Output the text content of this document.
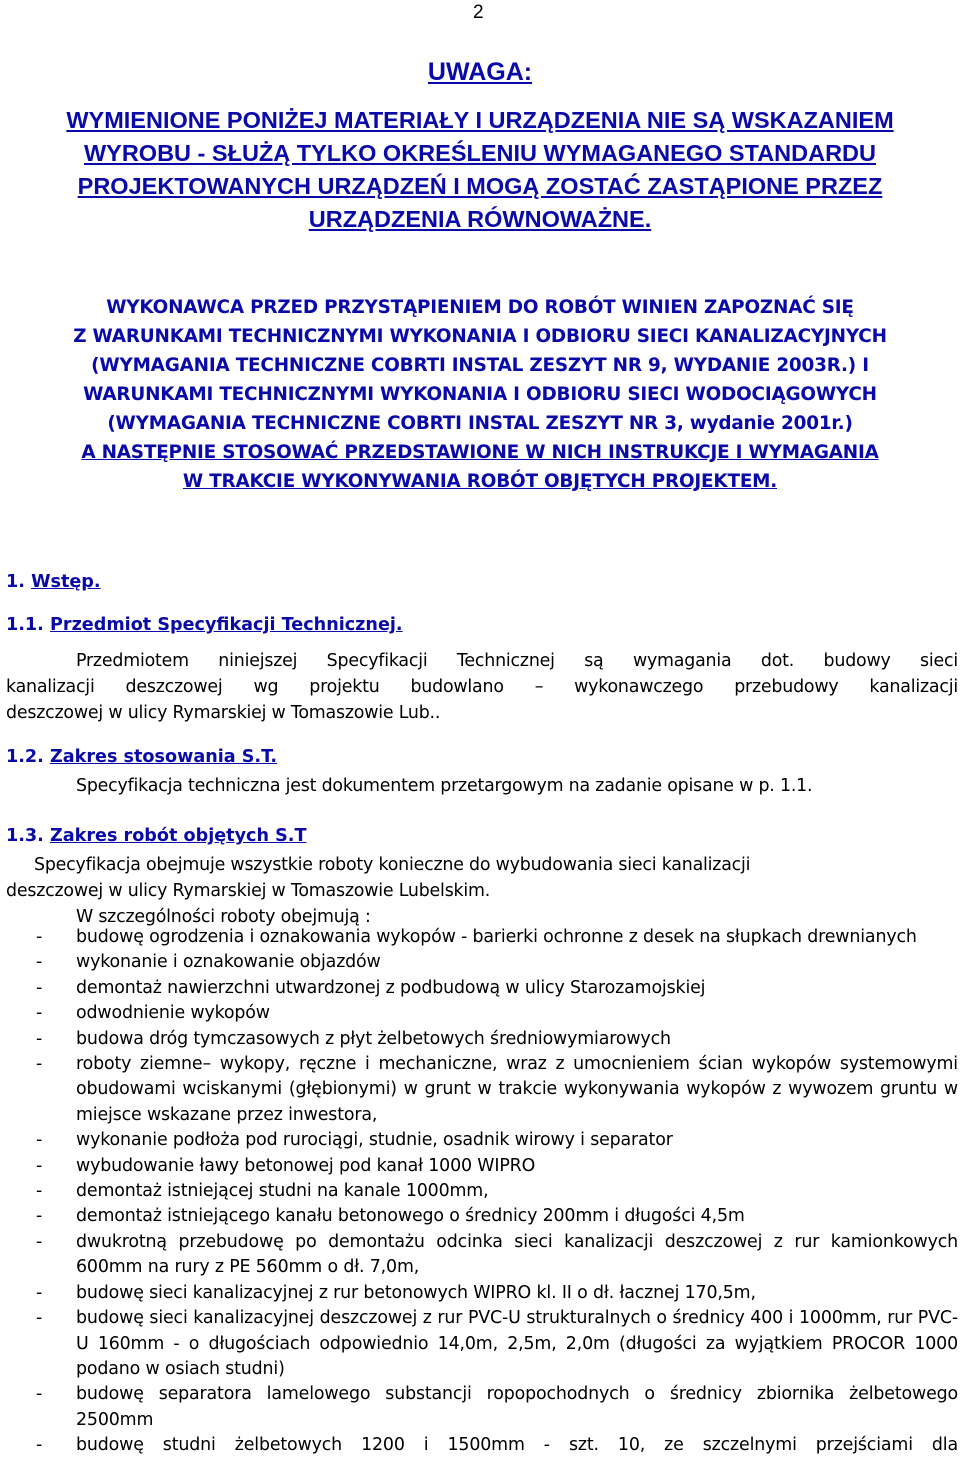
2
UWAGA:
WYMIENIONE PONIŻEJ MATERIAŁY I URZĄDZENIA NIE SĄ WSKAZANIEM
WYROBU - SŁUŻĄ TYLKO OKREŚLENIU WYMAGANEGO STANDARDU
PROJEKTOWANYCH URZĄDZEŃ I MOGĄ ZOSTAĆ ZASTĄPIONE PRZEZ
URZĄDZENIA RÓWNOWAŻNE.
WYKONAWCA PRZED PRZYSTĄPIENIEM DO ROBÓT WINIEN ZAPOZNAĆ SIĘ
Z WARUNKAMI TECHNICZNYMI WYKONANIA I ODBIORU SIECI KANALIZACYJNYCH
(WYMAGANIA TECHNICZNE COBRTI INSTAL ZESZYT NR 9, WYDANIE 2003R.) I
WARUNKAMI TECHNICZNYMI WYKONANIA I ODBIORU SIECI WODOCIĄGOWYCH
(WYMAGANIA TECHNICZNE COBRTI INSTAL ZESZYT NR 3, wydanie 2001r.)
A NASTĘPNIE STOSOWAĆ PRZEDSTAWIONE W NICH INSTRUKCJE I WYMAGANIA
W TRAKCIE WYKONYWANIA ROBÓT OBJĘTYCH PROJEKTEM.
1. Wstęp.
1.1. Przedmiot Specyfikacji Technicznej.
Przedmiotem niniejszej Specyfikacji Technicznej są wymagania dot. budowy sieci
kanalizacji deszczowej wg projektu budowlano – wykonawczego przebudowy kanalizacji
deszczowej w ulicy Rymarskiej w Tomaszowie Lub..
1.2. Zakres stosowania S.T.
Specyfikacja techniczna jest dokumentem przetargowym na zadanie opisane w p. 1.1.
1.3. Zakres robót objętych S.T
Specyfikacja obejmuje wszystkie roboty konieczne do wybudowania sieci kanalizacji
deszczowej w ulicy Rymarskiej w Tomaszowie Lubelskim.
W szczególności roboty obejmują :
- budowę ogrodzenia i oznakowania wykopów - barierki ochronne z desek na słupkach drewnianych
- wykonanie i oznakowanie objazdów
- demontaż nawierzchni utwardzonej z podbudową w ulicy Starozamojskiej
- odwodnienie wykopów
- budowa dróg tymczasowych z płyt żelbetowych średniowymiarowych
- roboty ziemne– wykopy, ręczne i mechaniczne, wraz z umocnieniem ścian wykopów systemowymi obudowami wciskanymi (głębionymi) w grunt w trakcie wykonywania wykopów z wywozem gruntu w miejsce wskazane przez inwestora,
- wykonanie podłoża pod rurociągi, studnie, osadnik wirowy i separator
- wybudowanie ławy betonowej pod kanał 1000 WIPRO
- demontaż istniejącej studni na kanale 1000mm,
- demontaż istniejącego kanału betonowego o średnicy 200mm i długości 4,5m
- dwukrotną przebudowę po demontażu odcinka sieci kanalizacji deszczowej z rur kamionkowych 600mm na rury z PE 560mm o dł. 7,0m,
- budowę sieci kanalizacyjnej z rur betonowych WIPRO kl. II o dł. łacznej 170,5m,
- budowę sieci kanalizacyjnej deszczowej z rur PVC-U strukturalnych o średnicy 400 i 1000mm, rur PVC-U 160mm - o długościach odpowiednio 14,0m, 2,5m, 2,0m (długości za wyjątkiem PROCOR 1000 podano w osiach studni)
- budowę separatora lamelowego substancji ropopochodnych o średnicy zbiornika żelbetowego 2500mm
- budowę studni żelbetowych 1200 i 1500mm - szt. 10, ze szczelnymi przejściami dla
